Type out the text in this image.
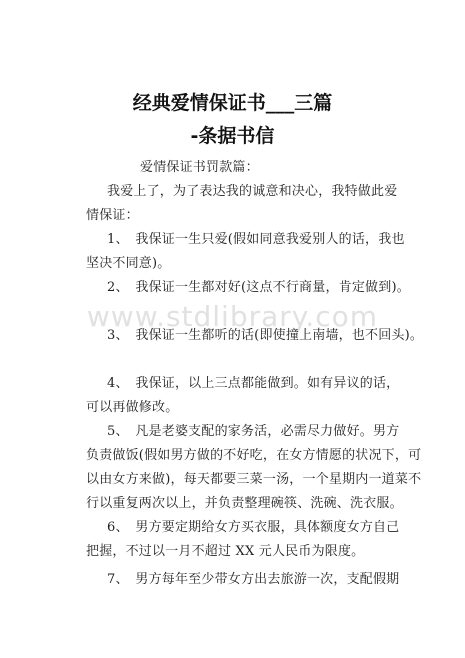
经典爱情保证书___三篇
-条据书信
www.stdlibrary.com
爱情保证书罚款篇：
我爱上了，为了表达我的诚意和决心，我特做此爱
情保证：
1、　我保证一生只爱(假如同意我爱别人的话，我也
坚决不同意)。
2、　我保证一生都对好(这点不行商量，肯定做到)。
3、　我保证一生都听的话(即使撞上南墙，也不回头)。
4、　我保证，以上三点都能做到。如有异议的话，
可以再做修改。
5、　凡是老婆支配的家务活，必需尽力做好。男方
负责做饭(假如男方做的不好吃，在女方情愿的状况下，可
以由女方来做)，每天都要三菜一汤，一个星期内一道菜不
行以重复两次以上，并负责整理碗筷、洗碗、洗衣服。
6、　男方要定期给女方买衣服，具体额度女方自己
把握，不过以一月不超过 XX 元人民币为限度。
7、　男方每年至少带女方出去旅游一次，支配假期
